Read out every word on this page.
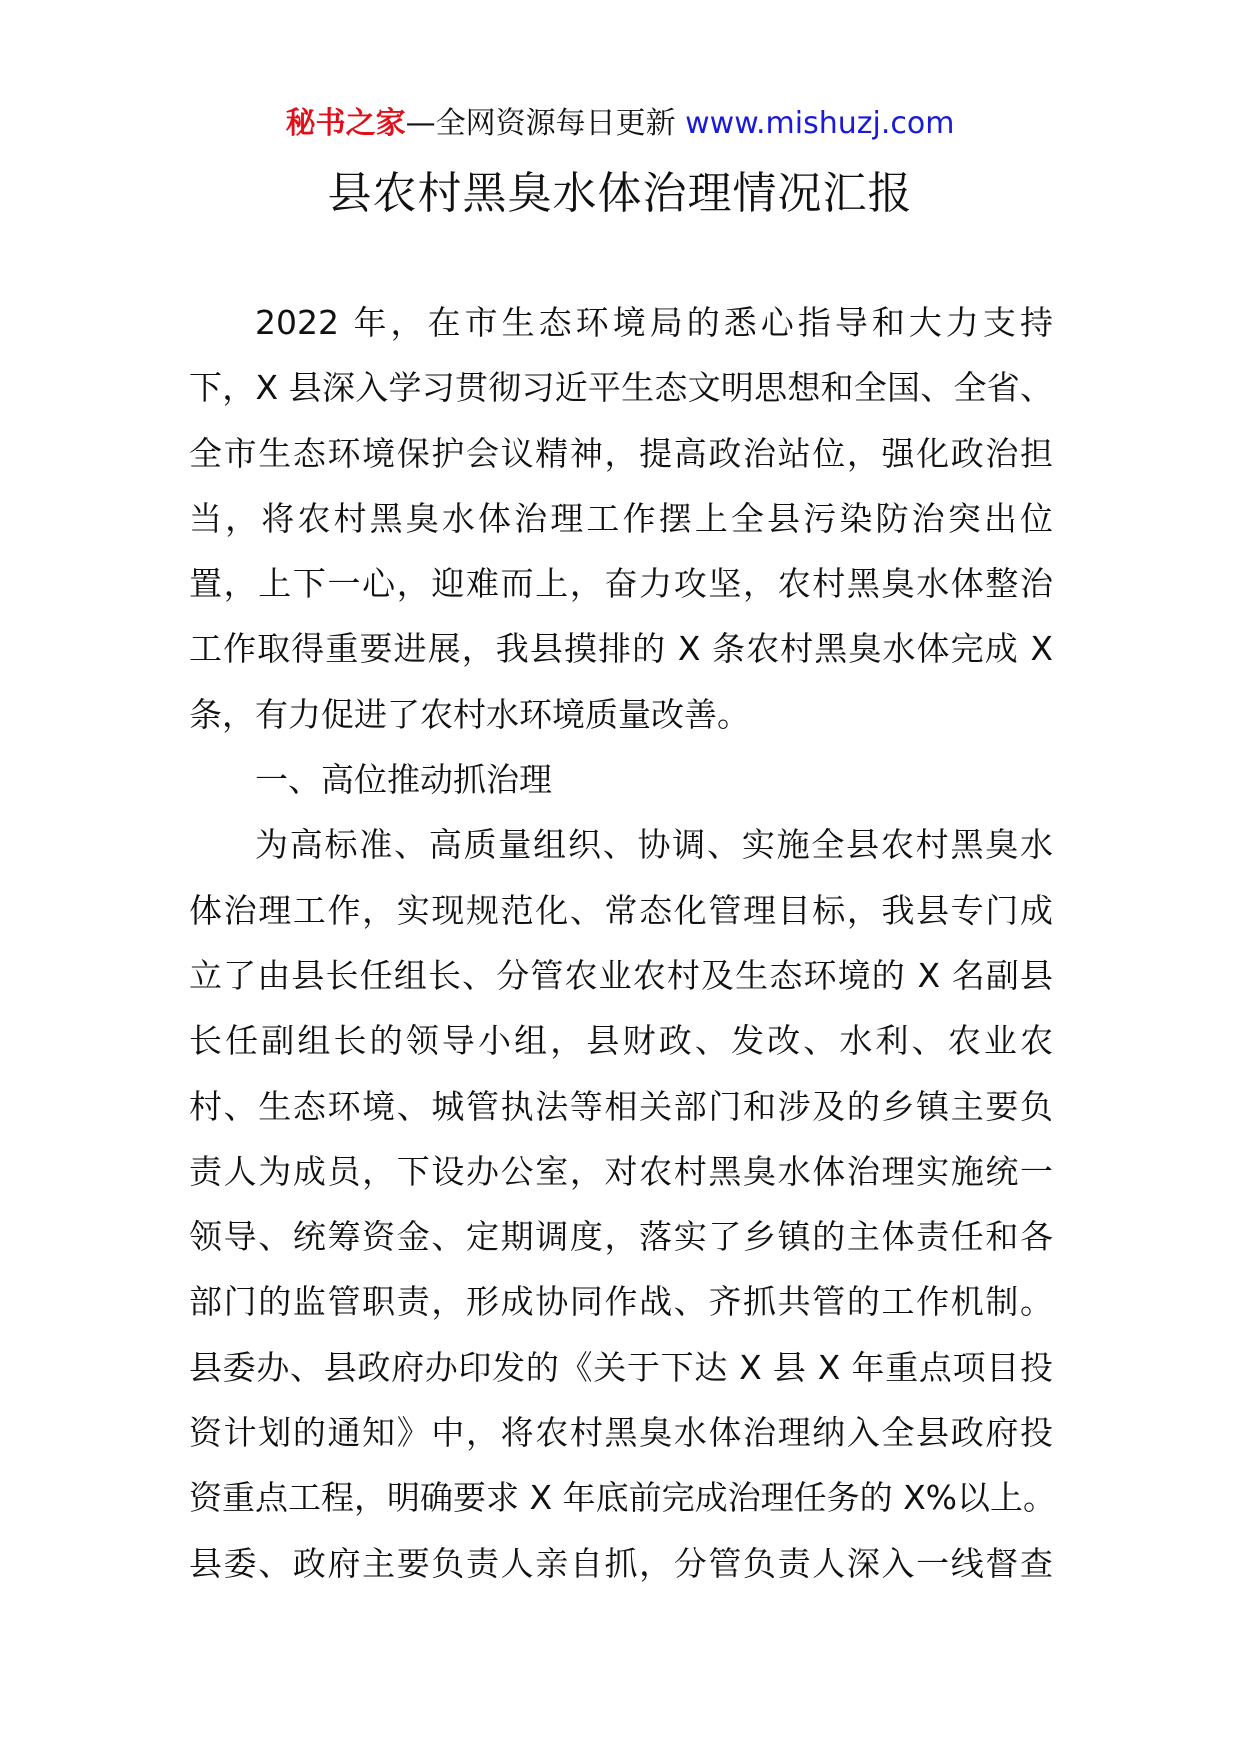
秘书之家—全网资源每日更新 www.mishuzj.com
县农村黑臭水体治理情况汇报
2022 年，在市生态环境局的悉心指导和大力支持
下，X 县深入学习贯彻习近平生态文明思想和全国、全省、
全市生态环境保护会议精神，提高政治站位，强化政治担
当，将农村黑臭水体治理工作摆上全县污染防治突出位
置，上下一心，迎难而上，奋力攻坚，农村黑臭水体整治
工作取得重要进展，我县摸排的 X 条农村黑臭水体完成 X
条，有力促进了农村水环境质量改善。
一、高位推动抓治理
为高标准、高质量组织、协调、实施全县农村黑臭水
体治理工作，实现规范化、常态化管理目标，我县专门成
立了由县长任组长、分管农业农村及生态环境的 X 名副县
长任副组长的领导小组，县财政、发改、水利、农业农
村、生态环境、城管执法等相关部门和涉及的乡镇主要负
责人为成员，下设办公室，对农村黑臭水体治理实施统一
领导、统筹资金、定期调度，落实了乡镇的主体责任和各
部门的监管职责，形成协同作战、齐抓共管的工作机制。
县委办、县政府办印发的《关于下达 X 县 X 年重点项目投
资计划的通知》中，将农村黑臭水体治理纳入全县政府投
资重点工程，明确要求 X 年底前完成治理任务的 X%以上。
县委、政府主要负责人亲自抓，分管负责人深入一线督查
